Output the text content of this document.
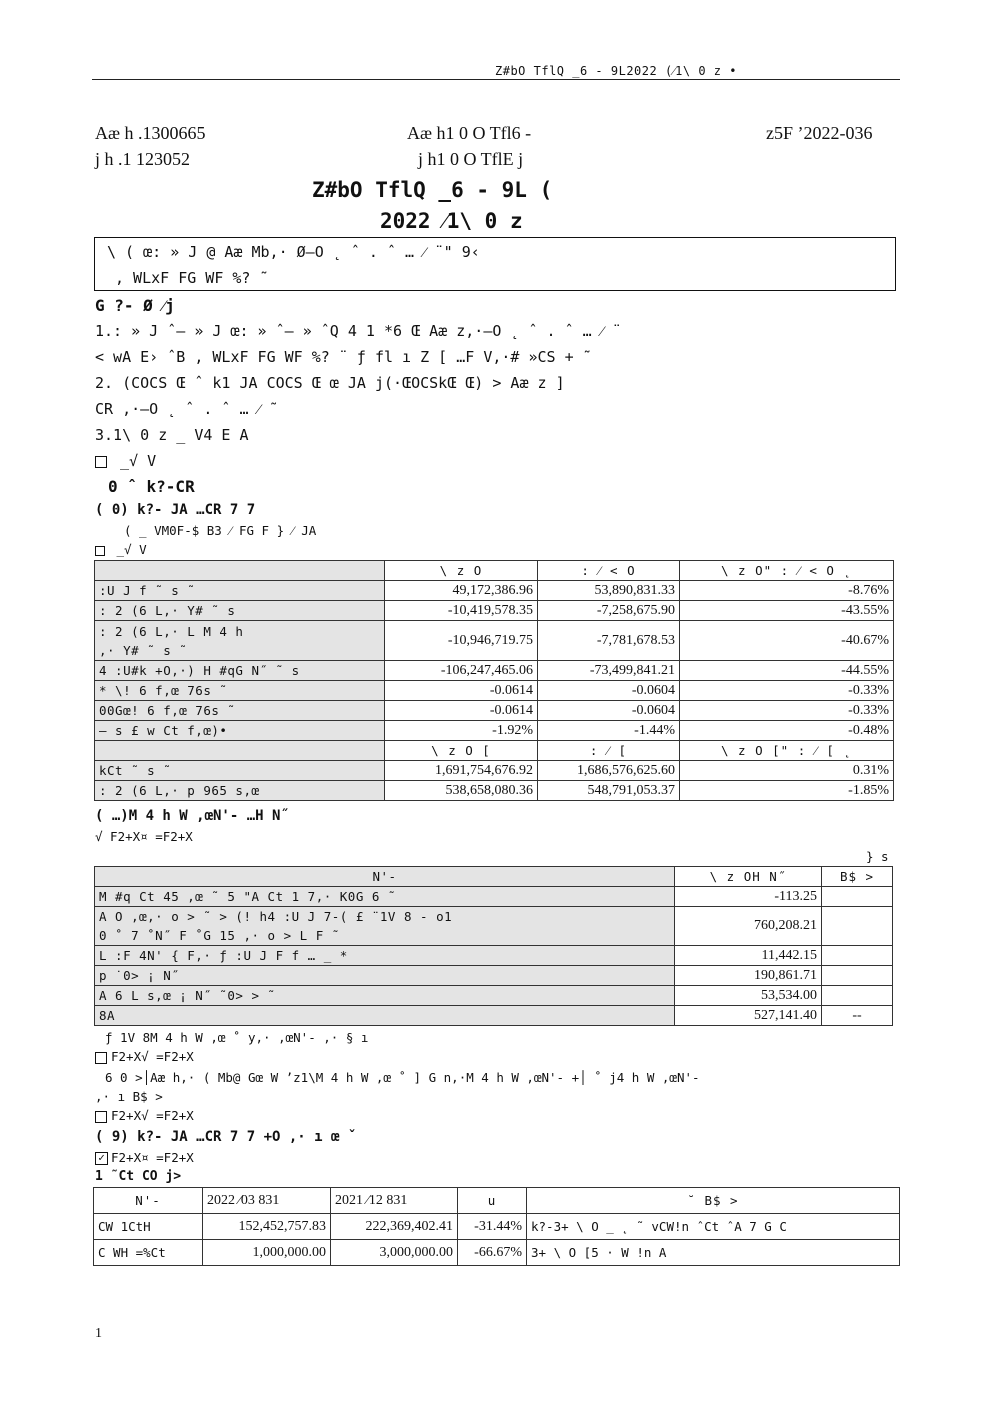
Z#bO TflQ _6 - 9L2022 (⁄1\ 0 z •
Aæ h .1300665	Aæ h1 0 O Tfl6 -	z5F ’2022-036
j h .1 123052	j h1 0 O TflE j
Z#bO TflQ _6 - 9L (
2022 ⁄1\ 0 z
\ ( œ: » J @ Aæ Mb,· Ø–O ˛ ˆ . ˆ … ⁄ ¨" 9‹
, WLxF FG WF %? ˜
G ?- Ø ⁄j
1.: » J ˆ– » J œ: » ˆ– » ˆQ 4 1 *6 Œ Aæ z,·–O ˛ ˆ . ˆ … ⁄ ¨
< wA E› ˆB , WLxF FG WF %? ¨ ƒ fl ı Z [ …F V,·# »CS + ˜
2. (COCS Œ ˆ k1 JA COCS Œ œ JA j(·ŒOCSkŒ Œ) > Aæ z ]
CR ,·–O ˛ ˆ . ˆ … ⁄ ˜
3.1\ 0 z _ V4 E A
_√ V
0 ˆ k?-CR
( 0) k?- JA …CR 7 7
( _ VM0F-$ B3 ⁄ FG F } ⁄ JA
_√ V
	\ z O	: ⁄ < O	\ z O" : ⁄ < O ˛
:U J f ˜ s ˜	49,172,386.96	53,890,831.33	-8.76%
: 2 (6 L,· Y# ˜ s	-10,419,578.35	-7,258,675.90	-43.55%

: 2 (6 L,· L M 4 h
,· Y# ˜ s ˜	-10,946,719.75	-7,781,678.53	-40.67%
4 :U#k +O,·) H #qG N˝ ˜ s	-106,247,465.06	-73,499,841.21	-44.55%
* \! 6 f,œ 76s ˜	-0.0614	-0.0604	-0.33%
00Gœ! 6 f,œ 76s ˜	-0.0614	-0.0604	-0.33%
— s £ w Ct f,œ)•	-1.92%	-1.44%	-0.48%
	\ z O [	: ⁄ [	\ z O [" : ⁄ [ ˛
kCt ˜ s ˜	1,691,754,676.92	1,686,576,625.60	0.31%
: 2 (6 L,· p 965 s,œ	538,658,080.36	548,791,053.37	-1.85%
( …)M 4 h W ,œN'- …H N˝
√ F2+X¤ =F2+X
} s
N'-	\ z OH N˝	B$ >
M #q Ct 45 ,œ ˜ 5 "A Ct 1 7,· K0G 6 ˜	-113.25	

A O ,œ,· o > ˜ > (! h4 :U J 7-( £ ¨1V 8 - o1
0 ˚ 7 ˚N˝ F ˚G 15 ,· o > L F ˜	760,208.21	
L :F 4N' { F,· ƒ :U J F f … _ *	11,442.15	
p ˙0> ¡ N˝	190,861.71	
A 6 L s,œ ¡ N˝ ˜0> > ˜	53,534.00	
8A	527,141.40	--
ƒ 1V 8M 4 h W ,œ ˚ y,· ,œN'- ,· § ı
F2+X√ =F2+X
6 0 >│Aæ h,· ( Mb@ Gœ W ’z1\M 4 h W ,œ ˚ ] G n,·M 4 h W ,œN'- +│ ˚ j4 h W ,œN'-
,· ı B$ >
F2+X√ =F2+X
( 9) k?- JA …CR 7 7 +O ,· ı œ ˇ
✓ F2+X¤ =F2+X
1 ˜Ct CO j>
N'-	2022 ⁄03 831	2021 ⁄12 831	u	˘ B$ >
CW 1CtH	152,452,757.83	222,369,402.41	-31.44%	k?-3+ \ O _ ˛ ˜ vCW!n ˆCt ˆA 7 G C
C WH =%Ct	1,000,000.00	3,000,000.00	-66.67%	3+ \ O [5 · W !n A
1
